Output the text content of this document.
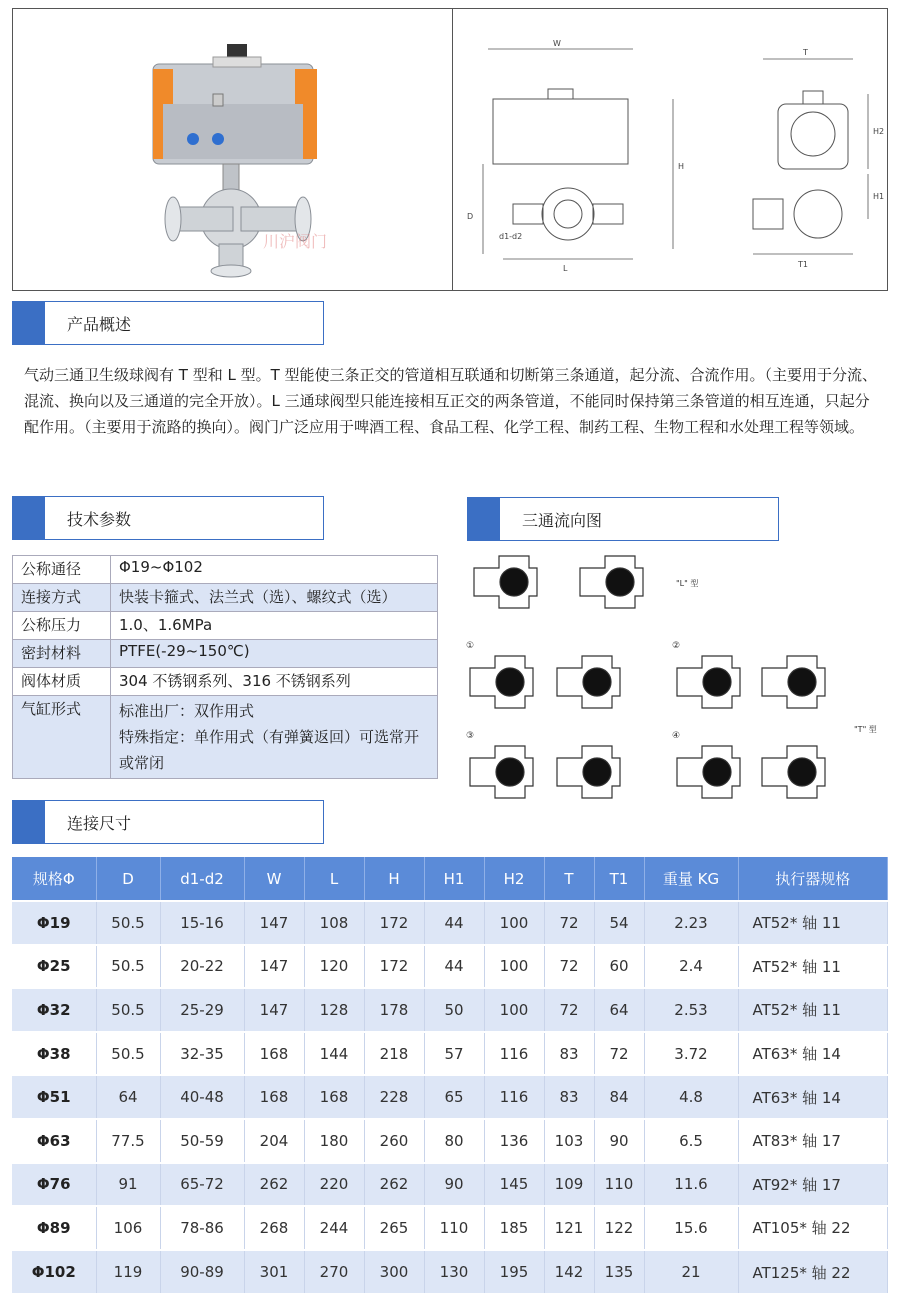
川沪阀门
W
L
H
D
d1-d2
T
T1
H2
H1
产品概述

气动三通卫生级球阀有 T 型和 L 型。T 型能使三条正交的管道相互联通和切断第三条通道，起分流、合流作用。（主要用于分流、混流、换向以及三通道的完全开放）。L 三通球阀型只能连接相互正交的两条管道，不能同时保持第三条管道的相互连通，只起分配作用。（主要用于流路的换向）。阀门广泛应用于啤酒工程、食品工程、化学工程、制药工程、生物工程和水处理工程等领域。

技术参数	三通流向图
公称通径	Φ19~Φ102
连接方式	快装卡箍式、法兰式（选）、螺纹式（选）
公称压力	1.0、1.6MPa
密封材料	PTFE(-29~150℃)
阀体材质	304 不锈钢系列、316 不锈钢系列
气缸形式	标准出厂：双作用式
特殊指定：单作用式（有弹簧返回）可选常开或常闭
"L" 型
①	②
③	④
"T" 型
连接尺寸
规格Φ	D	d1-d2	W	L	H	H1	H2	T	T1	重量 KG	执行器规格
Φ19	50.5	15-16	147	108	172	44	100	72	54	2.23	AT52* 轴 11
Φ25	50.5	20-22	147	120	172	44	100	72	60	2.4	AT52* 轴 11
Φ32	50.5	25-29	147	128	178	50	100	72	64	2.53	AT52* 轴 11
Φ38	50.5	32-35	168	144	218	57	116	83	72	3.72	AT63* 轴 14
Φ51	64	40-48	168	168	228	65	116	83	84	4.8	AT63* 轴 14
Φ63	77.5	50-59	204	180	260	80	136	103	90	6.5	AT83* 轴 17
Φ76	91	65-72	262	220	262	90	145	109	110	11.6	AT92* 轴 17
Φ89	106	78-86	268	244	265	110	185	121	122	15.6	AT105* 轴 22
Φ102	119	90-89	301	270	300	130	195	142	135	21	AT125* 轴 22
